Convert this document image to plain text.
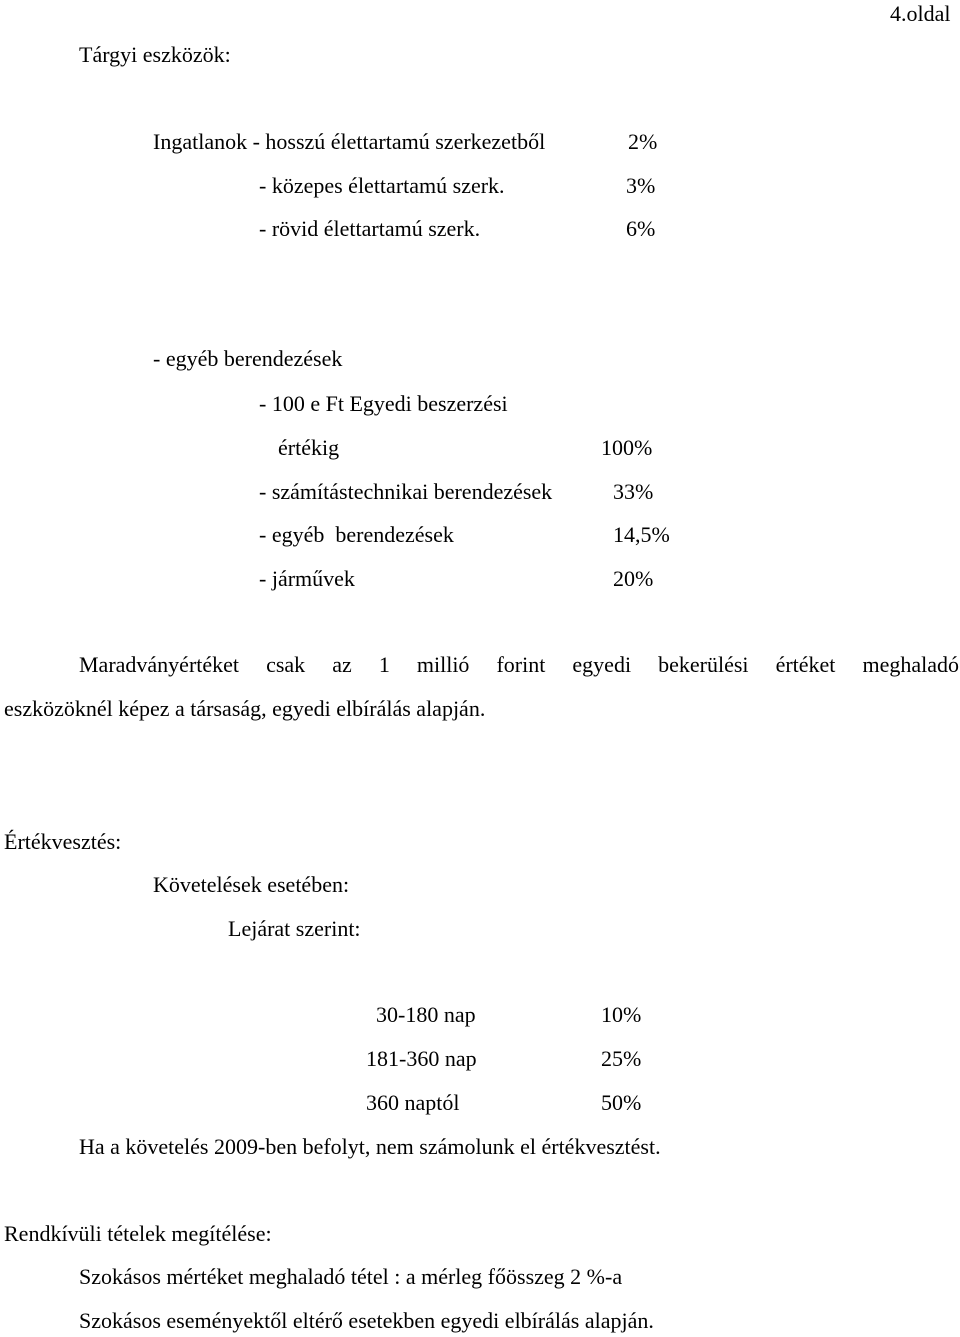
4.oldal
Tárgyi eszközök:
Ingatlanok - hosszú élettartamú szerkezetből	2%
- közepes élettartamú szerk.	3%
- rövid élettartamú szerk.	6%
- egyéb berendezések
- 100 e Ft Egyedi beszerzési
értékig	100%
- számítástechnikai berendezések	33%
- egyéb  berendezések	14,5%
- járművek	20%
Maradványértéket csak az 1 millió forint egyedi bekerülési értéket meghaladó
eszközöknél képez a társaság, egyedi elbírálás alapján.
Értékvesztés:
Követelések esetében:
Lejárat szerint:
30-180 nap	10%
181-360 nap	25%
360 naptól	50%
Ha a követelés 2009-ben befolyt, nem számolunk el értékvesztést.
Rendkívüli tételek megítélése:
Szokásos mértéket meghaladó tétel : a mérleg főösszeg 2 %-a
Szokásos eseményektől eltérő esetekben egyedi elbírálás alapján.
